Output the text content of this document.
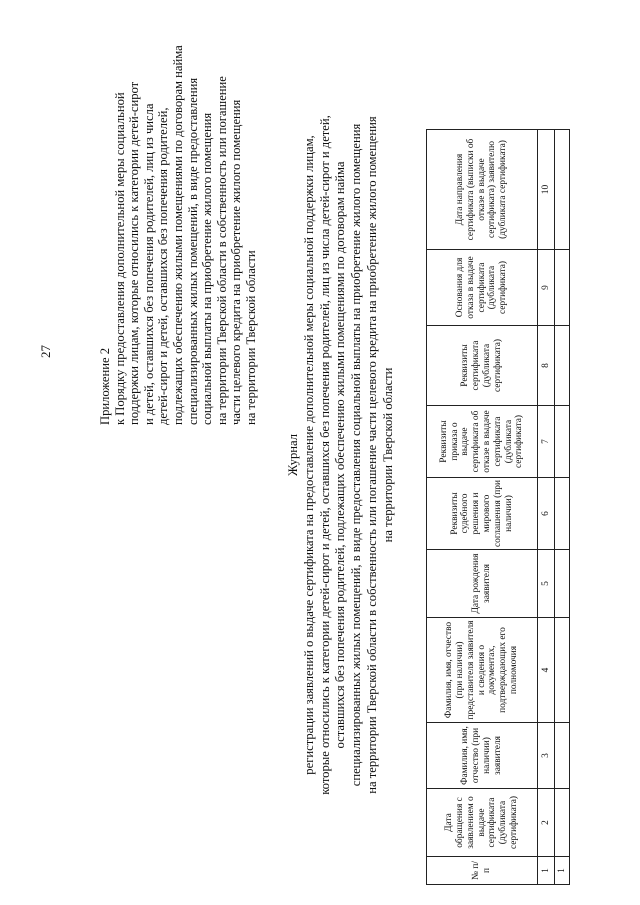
27	Приложение 2 к Порядку предоставления дополнительной меры социальной поддержки лицам, которые относились к категории детей-сирот и детей, оставшихся без попечения родителей, лиц из числа детей-сирот и детей, оставшихся без попечения родителей, подлежащих обеспечению жилыми помещениями по договорам найма специализированных жилых помещений, в виде предоставления социальной выплаты на приобретение жилого помещения на территории Тверской области в собственность или погашение части целевого кредита на приобретение жилого помещения на территории Тверской области
Журнал регистрации заявлений о выдаче сертификата на предоставление дополнительной меры социальной поддержки лицам, которые относились к категории детей-сирот и детей, оставшихся без попечения родителей, лиц из числа детей-сирот и детей, оставшихся без попечения родителей, подлежащих обеспечению жилыми помещениями по договорам найма специализированных жилых помещений, в виде предоставления социальной выплаты на приобретение жилого помещения на территории Тверской области в собственность или погашение части целевого кредита на приобретение жилого помещения на территории Тверской области
№ п/п	Дата обращения с заявлением о выдаче сертификата (дубликата сертификата)	Фамилия, имя, отчество (при наличии) заявителя	Фамилия, имя, отчество (при наличии) представителя заявителя и сведения о документах, подтверждающих его полномочия	Дата рождения заявителя	Реквизиты судебного решения и мирового соглашения (при наличии)	Реквизиты приказа о выдаче сертификата об отказе в выдаче сертификата (дубликата сертификата)	Реквизиты сертификата (дубликата сертификата)	Основания для отказа в выдаче сертификата (дубликата сертификата)	Дата направления сертификата (выписки об отказе в выдаче сертификата) заявителю (дубликата сертификата)
1	2	3	4	5	6	7	8	9	10
1									
